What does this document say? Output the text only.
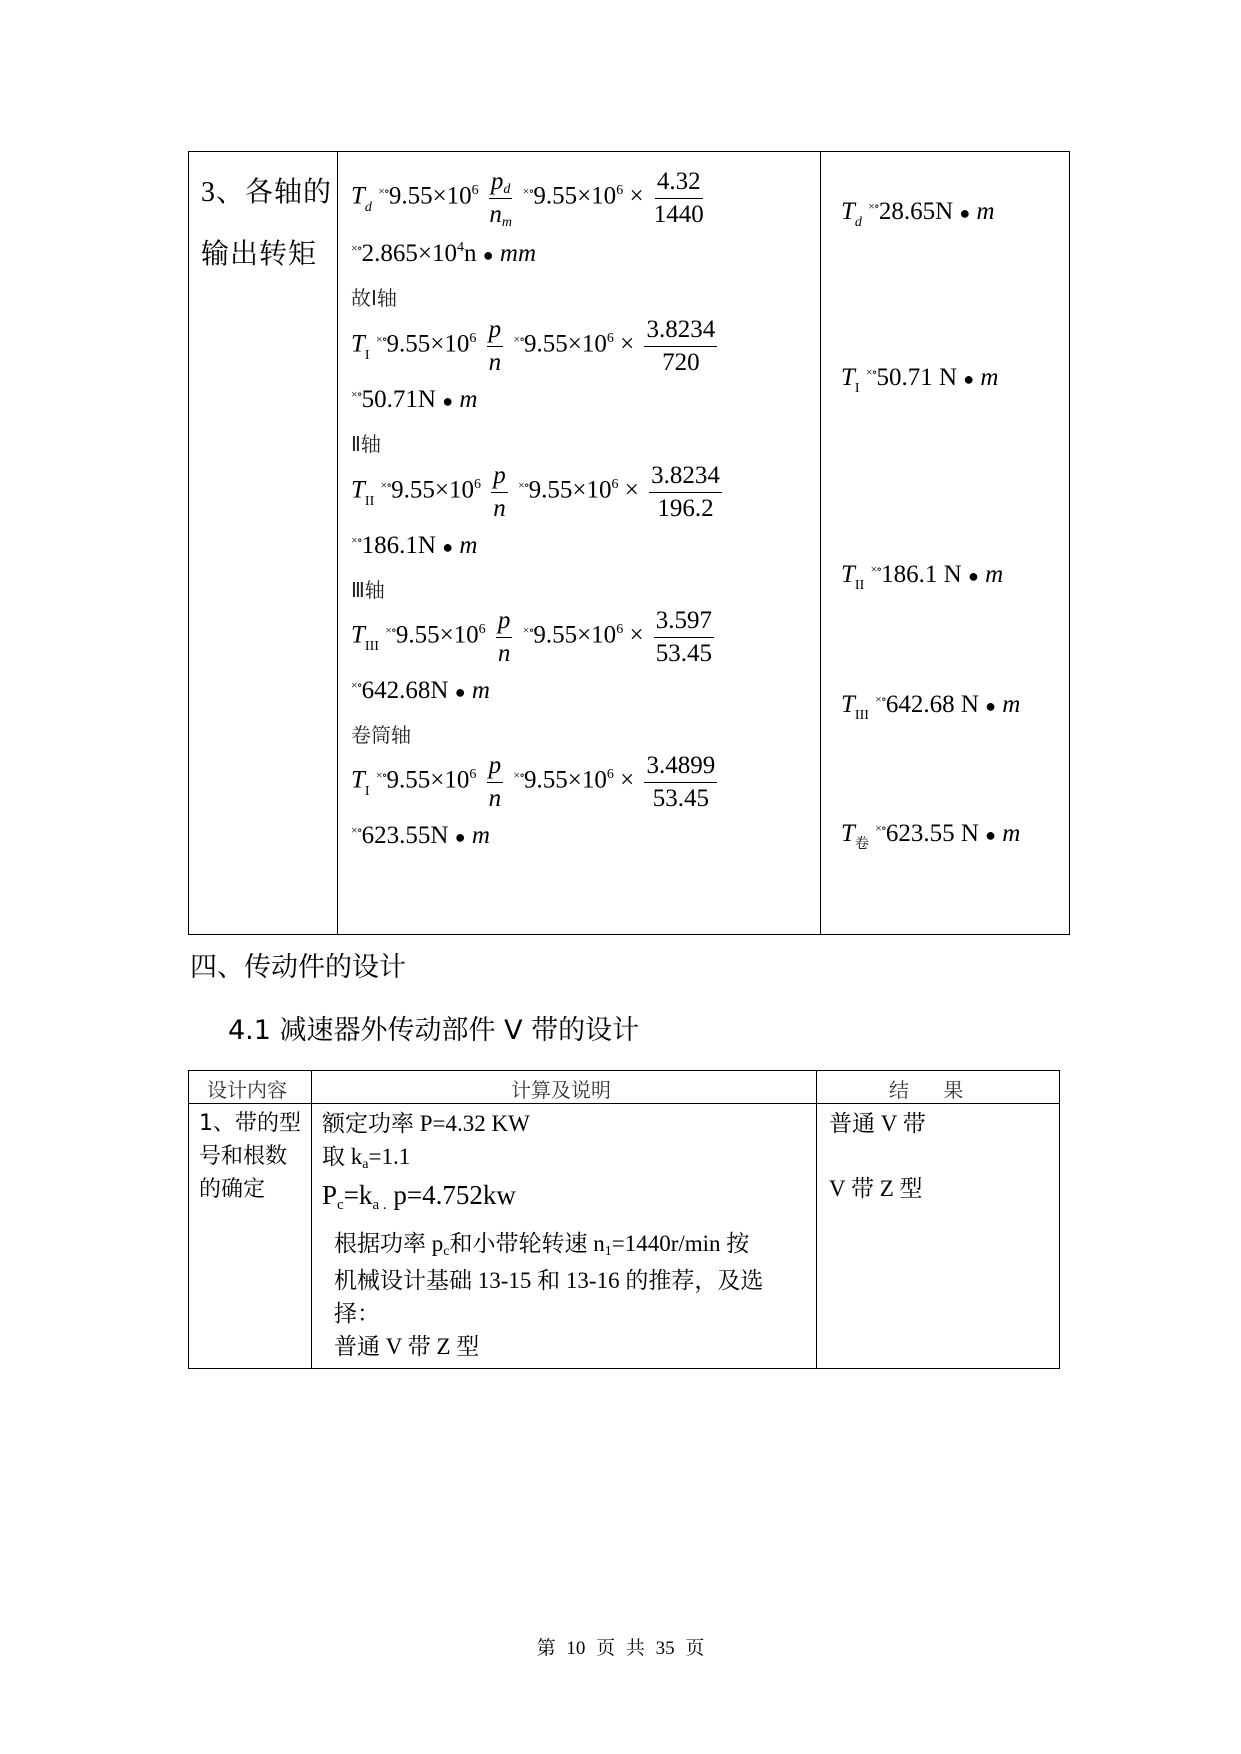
3、各轴的
输出转矩
$T_d$ $\times\circ 9.55\times 10^6 \frac{pd}{nm}$ $\times\circ 9.55\times 10^6 \times \frac{4.32}{1440}$
$\times\circ 2.865\times 10^4n$ ● mm
故Ⅰ轴
$T_I$ $\times\circ 9.55\times 10^6 \frac{p}{n}$ $\times\circ 9.55\times 10^6 \times \frac{3.8234}{720}$
×∘50.71N ● m
Ⅱ轴
$T_{II}$ $\times\circ 9.55\times 10^6 \frac{p}{n}$ $\times\circ 9.55\times 10^6 \times \frac{3.8234}{196.2}$
×∘186.1N ● m
Ⅲ轴
$T_{III}$ $\times\circ 9.55\times 10^6 \frac{p}{n}$ $\times\circ 9.55\times 10^6 \times \frac{3.597}{53.45}$
×∘642.68N ● m
卷筒轴
$T_I$ $\times\circ 9.55\times 10^6 \frac{p}{n}$ $\times\circ 9.55\times 10^6 \times \frac{3.4899}{53.45}$
×∘623.55N ● m
$T_d$ ×∘28.65N ● m
$T_I$ ×∘50.71 N ● m
$T_{II}$ ×∘186.1 N ● m
$T_{III}$ ×∘642.68 N ● m
$T_卷$ ×∘623.55 N ● m
四、传动件的设计
4.1 减速器外传动部件 V 带的设计
设计内容	计算及说明	结 果
1、带的型
号和根数
的确定
额定功率 P=4.32 KW
取 ka=1.1
Pc=ka . p=4.752kw
根据功率 pc和小带轮转速 n1=1440r/min 按
机械设计基础 13-15 和 13-16 的推荐，及选
择：
普通 V 带 Z 型
普通 V 带
V 带 Z 型
第 10 页 共 35 页
